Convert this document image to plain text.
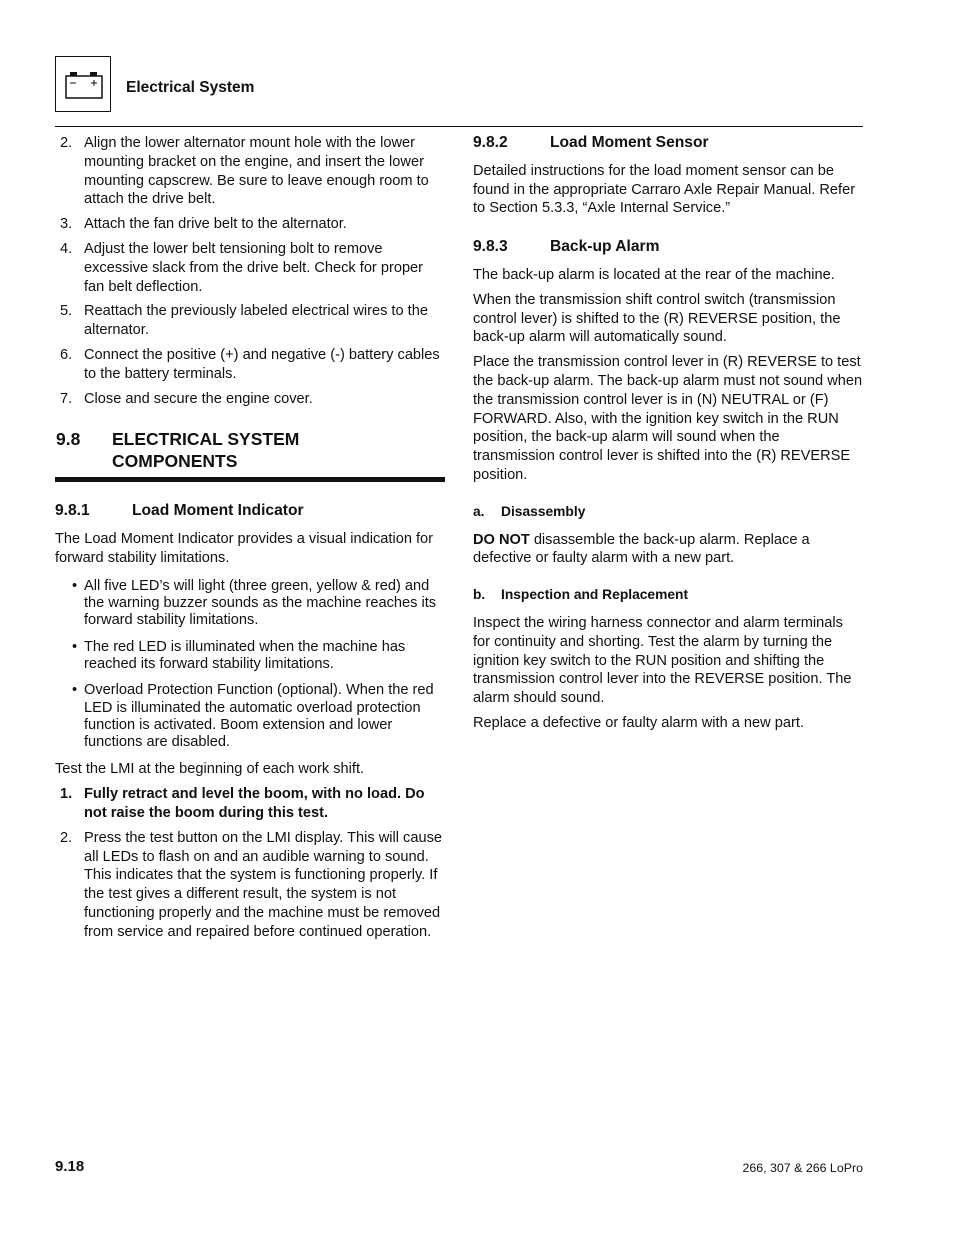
Electrical System
2. Align the lower alternator mount hole with the lower mounting bracket on the engine, and insert the lower mounting capscrew. Be sure to leave enough room to attach the drive belt.
3. Attach the fan drive belt to the alternator.
4. Adjust the lower belt tensioning bolt to remove excessive slack from the drive belt. Check for proper fan belt deflection.
5. Reattach the previously labeled electrical wires to the alternator.
6. Connect the positive (+) and negative (-) battery cables to the battery terminals.
7. Close and secure the engine cover.
9.8 ELECTRICAL SYSTEM
COMPONENTS
9.8.1	Load Moment Indicator

The Load Moment Indicator provides a visual indication for forward stability limitations.

• All five LED’s will light (three green, yellow & red) and the warning buzzer sounds as the machine reaches its forward stability limitations.
• The red LED is illuminated when the machine has reached its forward stability limitations.
• Overload Protection Function (optional). When the red LED is illuminated the automatic overload protection function is activated. Boom extension and lower functions are disabled.

Test the LMI at the beginning of each work shift.

1. Fully retract and level the boom, with no load. Do not raise the boom during this test.
2. Press the test button on the LMI display. This will cause all LEDs to flash on and an audible warning to sound. This indicates that the system is functioning properly. If the test gives a different result, the system is not functioning properly and the machine must be removed from service and repaired before continued operation.
9.8.2	Load Moment Sensor

Detailed instructions for the load moment sensor can be found in the appropriate Carraro Axle Repair Manual. Refer to Section 5.3.3, “Axle Internal Service.”

9.8.3	Back-up Alarm

The back-up alarm is located at the rear of the machine.

When the transmission shift control switch (transmission control lever) is shifted to the (R) REVERSE position, the back-up alarm will automatically sound.

Place the transmission control lever in (R) REVERSE to test the back-up alarm. The back-up alarm must not sound when the transmission control lever is in (N) NEUTRAL or (F) FORWARD. Also, with the ignition key switch in the RUN position, the back-up alarm will sound when the transmission control lever is shifted into the (R) REVERSE position.

a. Disassembly

DO NOT disassemble the back-up alarm. Replace a defective or faulty alarm with a new part.

b. Inspection and Replacement

Inspect the wiring harness connector and alarm terminals for continuity and shorting. Test the alarm by turning the ignition key switch to the RUN position and shifting the transmission control lever into the REVERSE position. The alarm should sound.

Replace a defective or faulty alarm with a new part.

9.18	266, 307 & 266 LoPro
